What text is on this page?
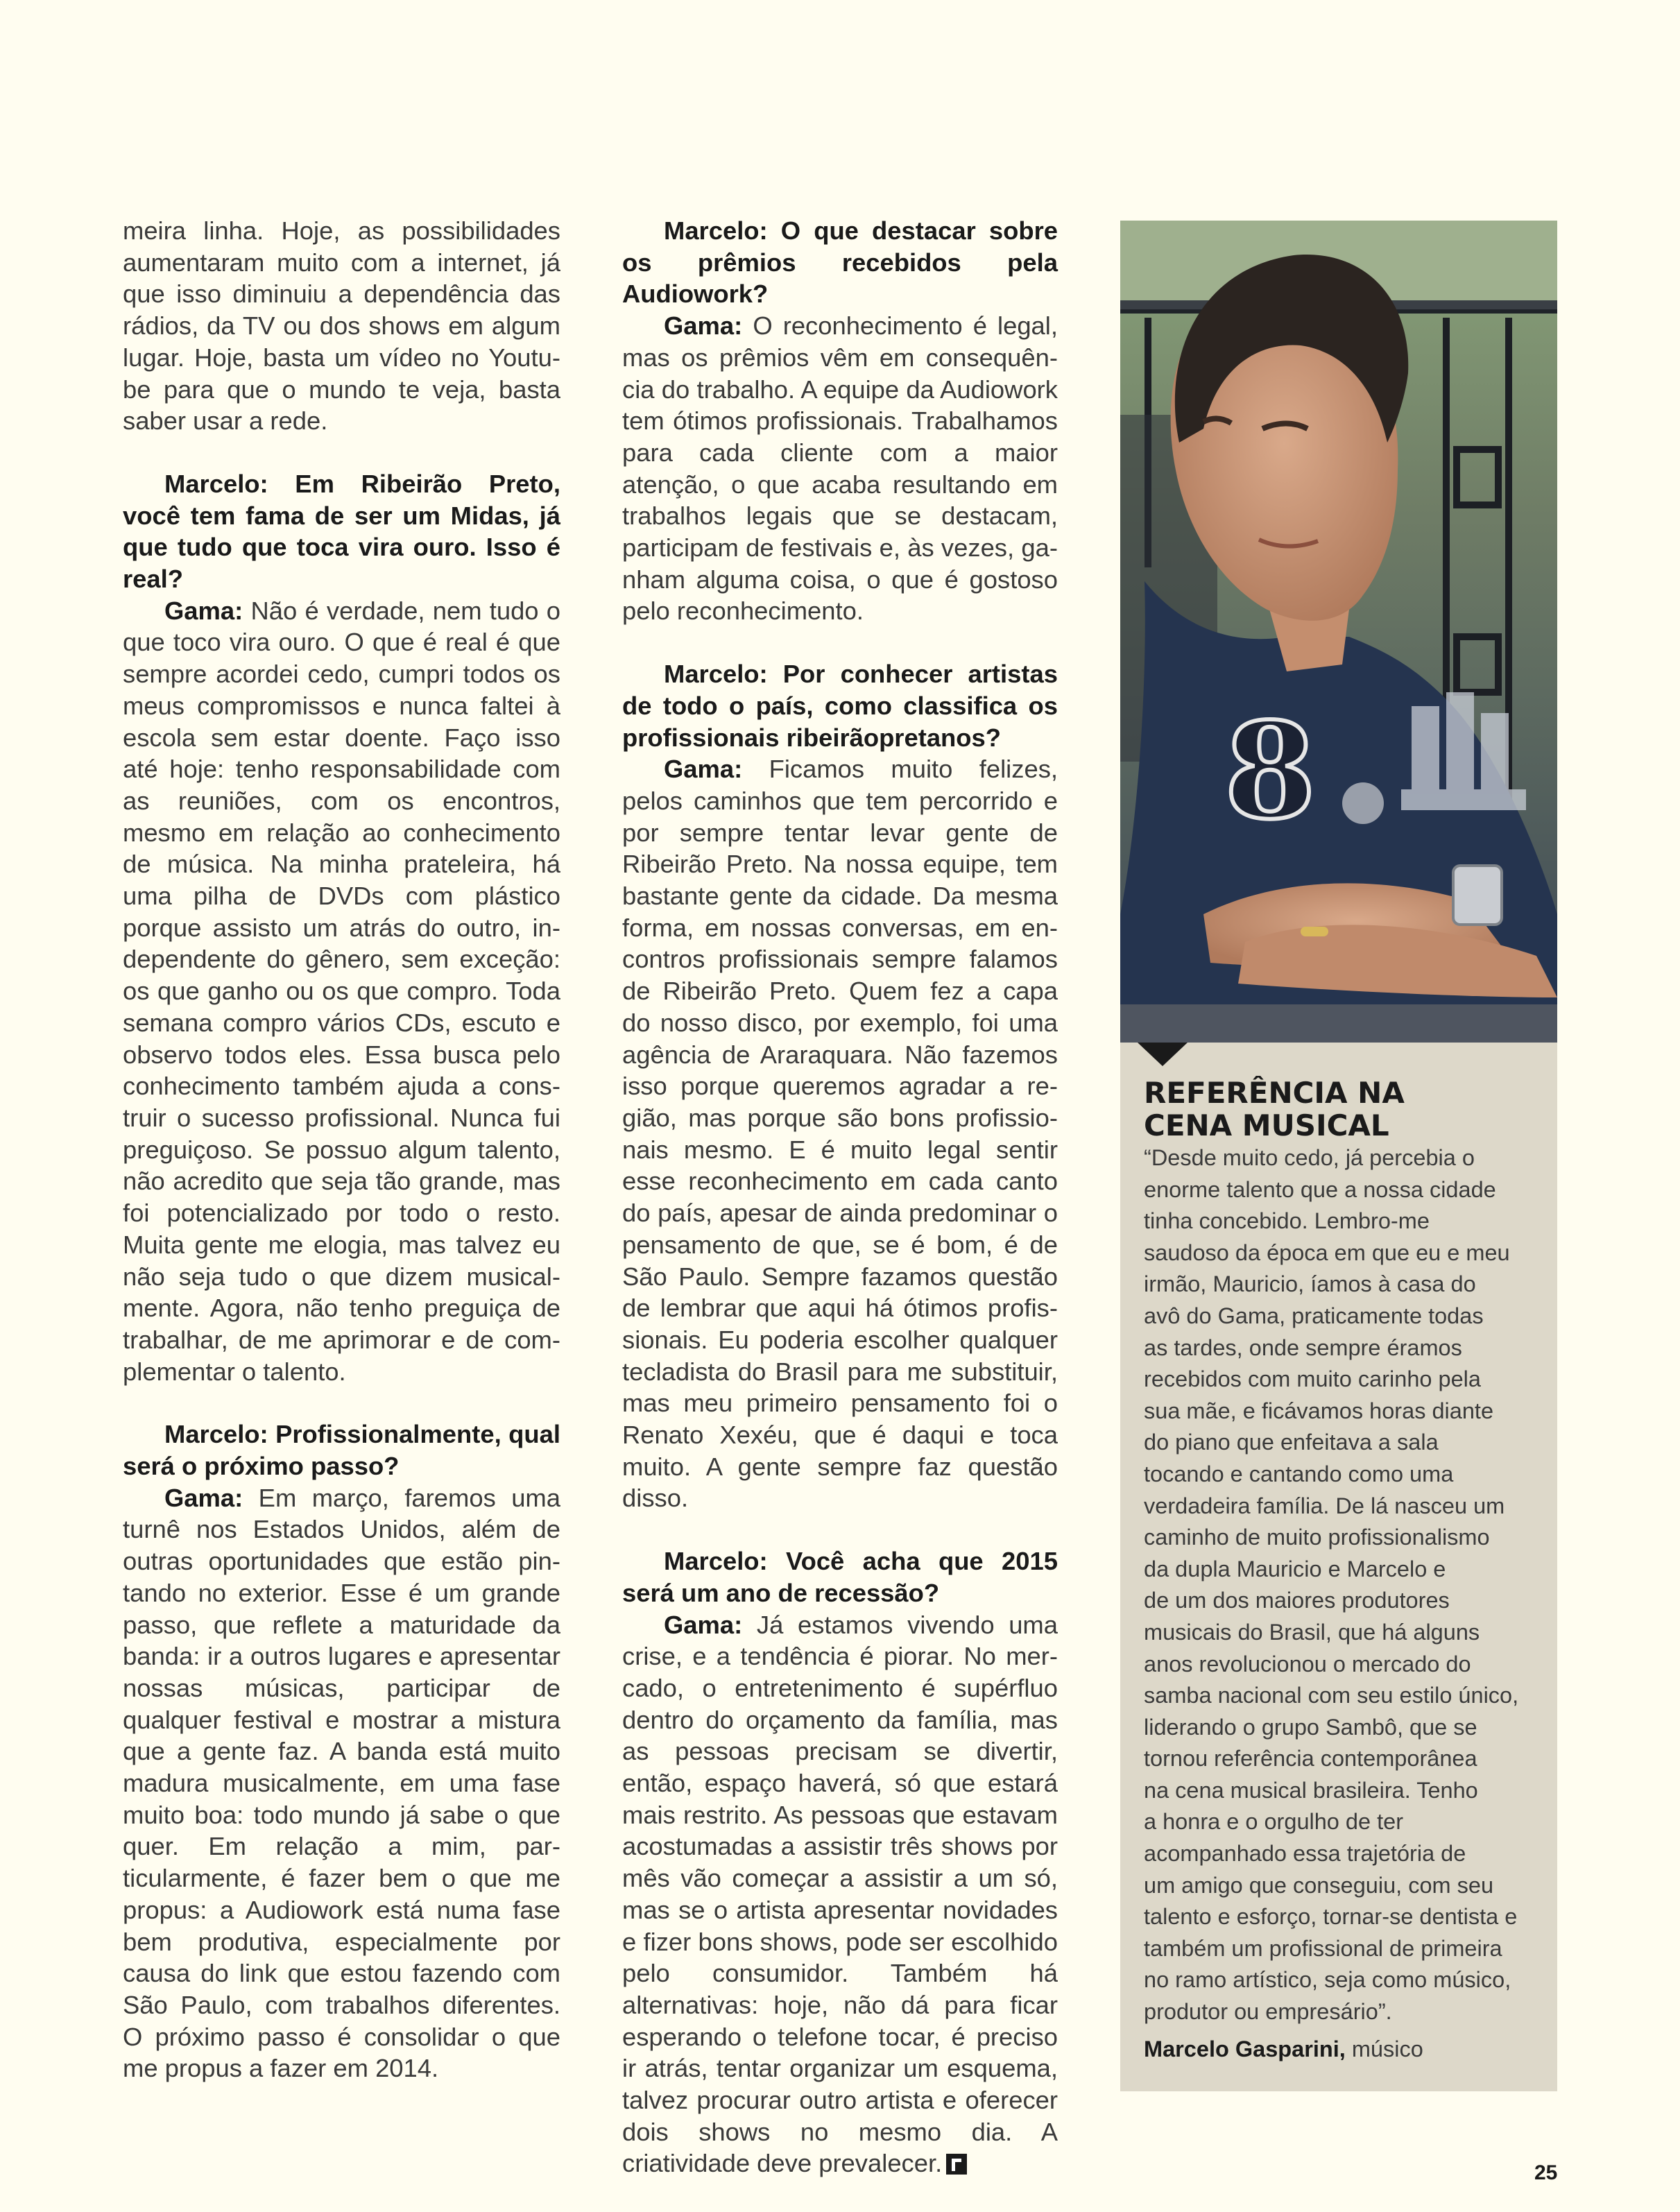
meira linha. Hoje, as possibilidades aumentaram muito com a internet, já que isso diminuiu a dependência das rádios, da TV ou dos shows em algum lugar. Hoje, basta um vídeo no Youtube para que o mundo te veja, basta saber usar a rede.

Marcelo: Em Ribeirão Preto, você tem fama de ser um Midas, já que tudo que toca vira ouro. Isso é real?

Gama: Não é verdade, nem tudo o que toco vira ouro. O que é real é que sempre acordei cedo, cumpri todos os meus compromissos e nunca faltei à escola sem estar doente. Faço isso até hoje: tenho responsabilidade com as reuniões, com os encontros, mesmo em relação ao conhecimento de música. Na minha prateleira, há uma pilha de DVDs com plástico porque assisto um atrás do outro, independente do gênero, sem exceção: os que ganho ou os que compro. Toda semana compro vários CDs, escuto e observo todos eles. Essa busca pelo conhecimento também ajuda a construir o sucesso profissional. Nunca fui preguiçoso. Se possuo algum talento, não acredito que seja tão grande, mas foi potencializado por todo o resto. Muita gente me elogia, mas talvez eu não seja tudo o que dizem musicalmente. Agora, não tenho preguiça de trabalhar, de me aprimorar e de complementar o talento.

Marcelo: Profissionalmente, qual será o próximo passo?

Gama: Em março, faremos uma turnê nos Estados Unidos, além de outras oportunidades que estão pintando no exterior. Esse é um grande passo, que reflete a maturidade da banda: ir a outros lugares e apresentar nossas músicas, participar de qualquer festival e mostrar a mistura que a gente faz. A banda está muito madura musicalmente, em uma fase muito boa: todo mundo já sabe o que quer. Em relação a mim, particularmente, é fazer bem o que me propus: a Audiowork está numa fase bem produtiva, especialmente por causa do link que estou fazendo com São Paulo, com trabalhos diferentes. O próximo passo é consolidar o que me propus a fazer em 2014.

Marcelo: O que destacar sobre os prêmios recebidos pela Audiowork?

Gama: O reconhecimento é legal, mas os prêmios vêm em consequência do trabalho. A equipe da Audiowork tem ótimos profissionais. Trabalhamos para cada cliente com a maior atenção, o que acaba resultando em trabalhos legais que se destacam, participam de festivais e, às vezes, ganham alguma coisa, o que é gostoso pelo reconhecimento.

Marcelo: Por conhecer artistas de todo o país, como classifica os profissionais ribeirãopretanos?

Gama: Ficamos muito felizes, pelos caminhos que tem percorrido e por sempre tentar levar gente de Ribeirão Preto. Na nossa equipe, tem bastante gente da cidade. Da mesma forma, em nossas conversas, em encontros profissionais sempre falamos de Ribeirão Preto. Quem fez a capa do nosso disco, por exemplo, foi uma agência de Araraquara. Não fazemos isso porque queremos agradar a região, mas porque são bons profissionais mesmo. E é muito legal sentir esse reconhecimento em cada canto do país, apesar de ainda predominar o pensamento de que, se é bom, é de São Paulo. Sempre fazamos questão de lembrar que aqui há ótimos profissionais. Eu poderia escolher qualquer tecladista do Brasil para me substituir, mas meu primeiro pensamento foi o Renato Xexéu, que é daqui e toca muito. A gente sempre faz questão disso.

Marcelo: Você acha que 2015 será um ano de recessão?

Gama: Já estamos vivendo uma crise, e a tendência é piorar. No mercado, o entretenimento é supérfluo dentro do orçamento da família, mas as pessoas precisam se divertir, então, espaço haverá, só que estará mais restrito. As pessoas que estavam acostumadas a assistir três shows por mês vão começar a assistir a um só, mas se o artista apresentar novidades e fizer bons shows, pode ser escolhido pelo consumidor. Também há alternativas: hoje, não dá para ficar esperando o telefone tocar, é preciso ir atrás, tentar organizar um esquema, talvez procurar outro artista e oferecer dois shows no mesmo dia. A criatividade deve prevalecer.

8
REFERÊNCIA NA
CENA MUSICAL
“Desde muito cedo, já percebia o
enorme talento que a nossa cidade
tinha concebido. Lembro-me
saudoso da época em que eu e meu
irmão, Mauricio, íamos à casa do
avô do Gama, praticamente todas
as tardes, onde sempre éramos
recebidos com muito carinho pela
sua mãe, e ficávamos horas diante
do piano que enfeitava a sala
tocando e cantando como uma
verdadeira família. De lá nasceu um
caminho de muito profissionalismo
da dupla Mauricio e Marcelo e
de um dos maiores produtores
musicais do Brasil, que há alguns
anos revolucionou o mercado do
samba nacional com seu estilo único,
liderando o grupo Sambô, que se
tornou referência contemporânea
na cena musical brasileira. Tenho
a honra e o orgulho de ter
acompanhado essa trajetória de
um amigo que conseguiu, com seu
talento e esforço, tornar-se dentista e
também um profissional de primeira
no ramo artístico, seja como músico,
produtor ou empresário”.
Marcelo Gasparini, músico
25
